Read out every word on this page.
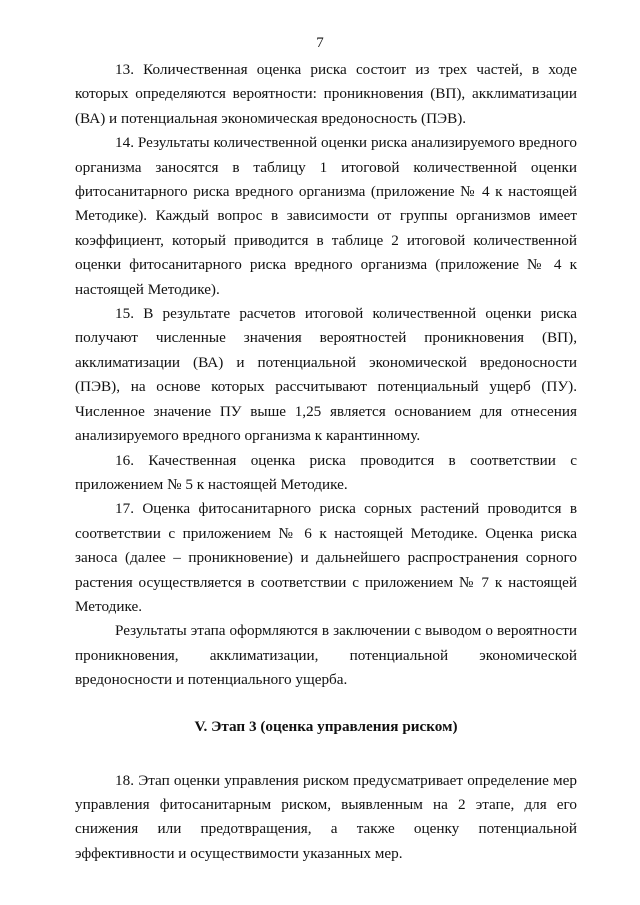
7

13. Количественная оценка риска состоит из трех частей, в ходе которых определяются вероятности: проникновения (ВП), акклиматизации (ВА) и потенциальная экономическая вредоносность (ПЭВ).

14. Результаты количественной оценки риска анализируемого вредного организма заносятся в таблицу 1 итоговой количественной оценки фитосанитарного риска вредного организма (приложение № 4 к настоящей Методике). Каждый вопрос в зависимости от группы организмов имеет коэффициент, который приводится в таблице 2 итоговой количественной оценки фитосанитарного риска вредного организма (приложение № 4 к настоящей Методике).

15. В результате расчетов итоговой количественной оценки риска получают численные значения вероятностей проникновения (ВП), акклиматизации (ВА) и потенциальной экономической вредоносности (ПЭВ), на основе которых рассчитывают потенциальный ущерб (ПУ). Численное значение ПУ выше 1,25 является основанием для отнесения анализируемого вредного организма к карантинному.

16. Качественная оценка риска проводится в соответствии с приложением № 5 к настоящей Методике.

17. Оценка фитосанитарного риска сорных растений проводится в соответствии с приложением № 6 к настоящей Методике. Оценка риска заноса (далее – проникновение) и дальнейшего распространения сорного растения осуществляется в соответствии с приложением № 7 к настоящей Методике.

Результаты этапа оформляются в заключении с выводом о вероятности проникновения, акклиматизации, потенциальной экономической вредоносности и потенциального ущерба.

V. Этап 3 (оценка управления риском)

18. Этап оценки управления риском предусматривает определение мер управления фитосанитарным риском, выявленным на 2 этапе, для его снижения или предотвращения, а также оценку потенциальной эффективности и осуществимости указанных мер.
